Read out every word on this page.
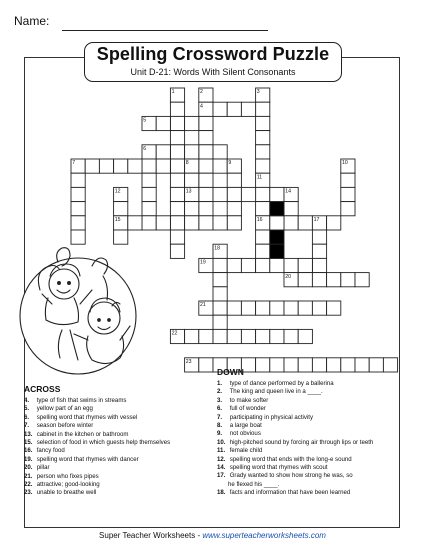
Name:
Spelling Crossword Puzzle
Unit D-21: Words With Silent Consonants
1	2	3
4
5
6
7	8	9	10
11
12	13	14
15	16	17
18
19
20
21
22
23
ACROSS
4. type of fish that swims in streams
5. yellow part of an egg
6. spelling word that rhymes with vessel
7. season before winter
13. cabinet in the kitchen or bathroom
15. selection of food in which guests help themselves
16. fancy food
19. spelling word that rhymes with dancer
20. pillar
21. person who fixes pipes
22. attractive; good-looking
23. unable to breathe well
DOWN
1. type of dance performed by a ballerina
2. The king and queen live in a ____.
3. to make softer
6. full of wonder
7. participating in physical activity
8. a large boat
9. not obvious
10. high-pitched sound by forcing air through lips or teeth
11. female child
12. spelling word that ends with the long-e sound
14. spelling word that rhymes with scout
17. Grady wanted to show how strong he was, so
he flexed his ____.
18. facts and information that have been learned
Super Teacher Worksheets - www.superteacherworksheets.com
